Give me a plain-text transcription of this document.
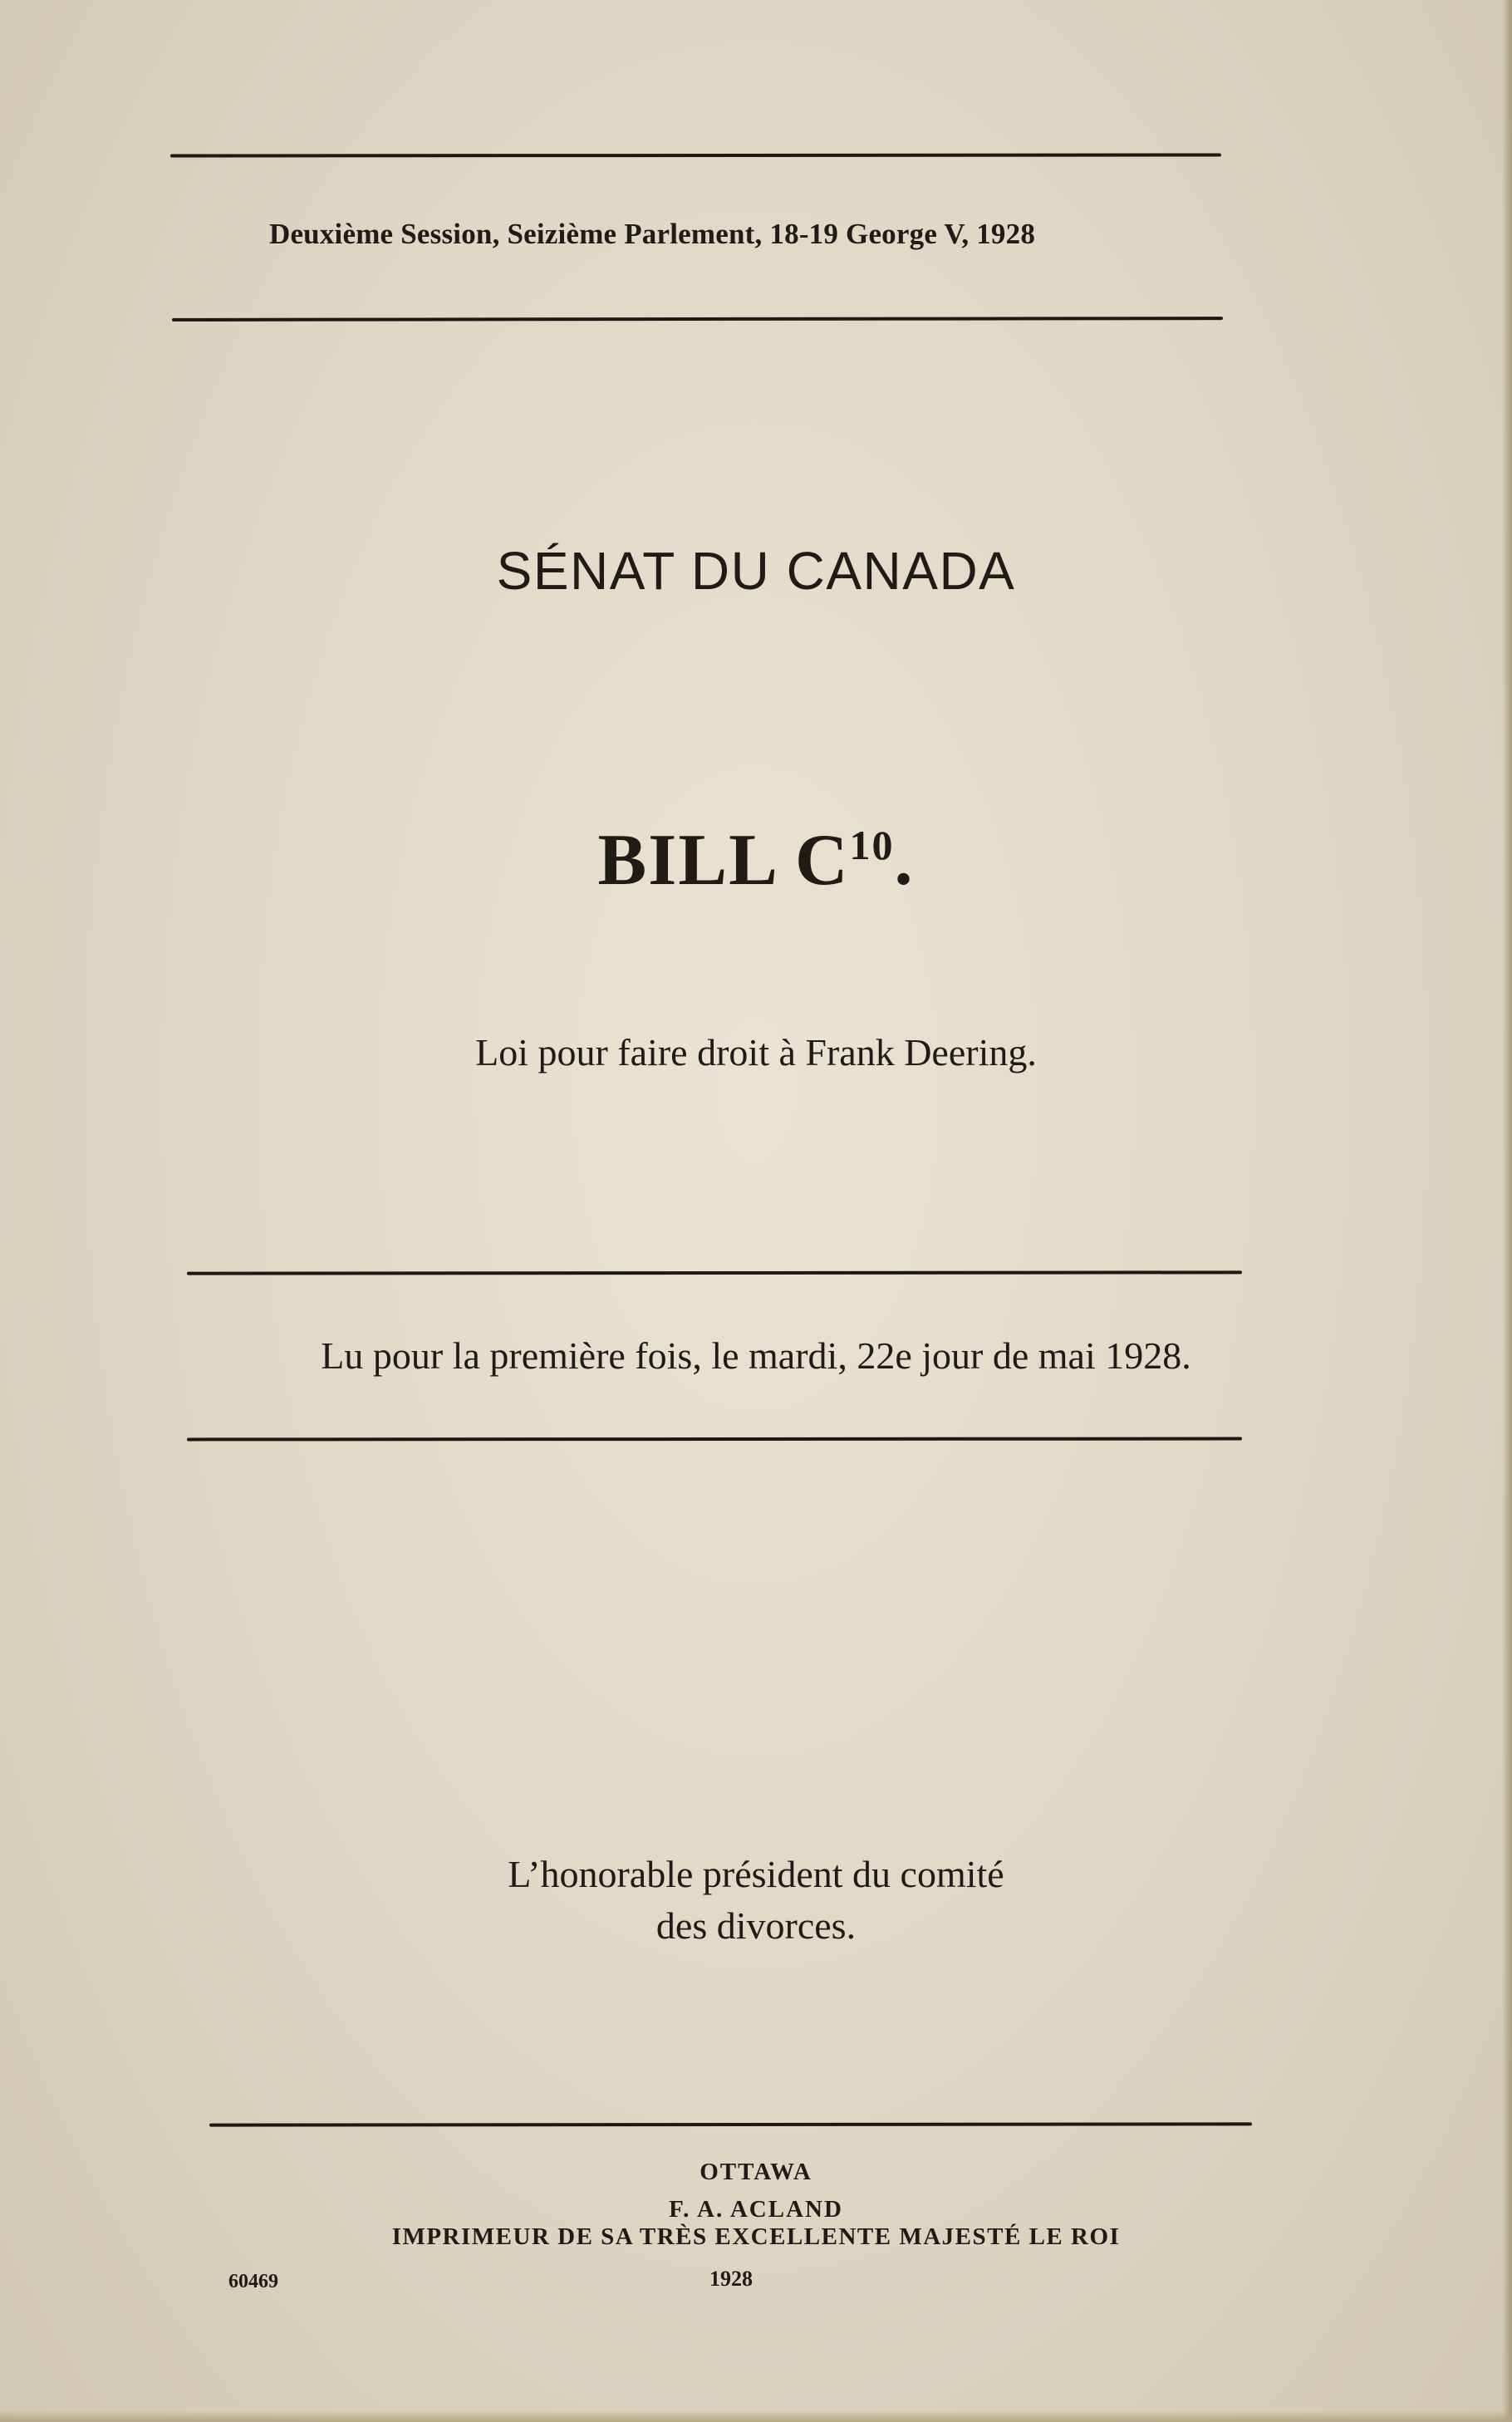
Deuxième Session, Seizième Parlement, 18-19 George V, 1928
SÉNAT DU CANADA
BILL $C^{10}$.
Loi pour faire droit à Frank Deering.
Lu pour la première fois, le mardi, 22e jour de mai 1928.
L’honorable président du comité
des divorces.
OTTAWA
F. A. ACLAND
IMPRIMEUR DE SA TRÈS EXCELLENTE MAJESTÉ LE ROI
1928
60469
